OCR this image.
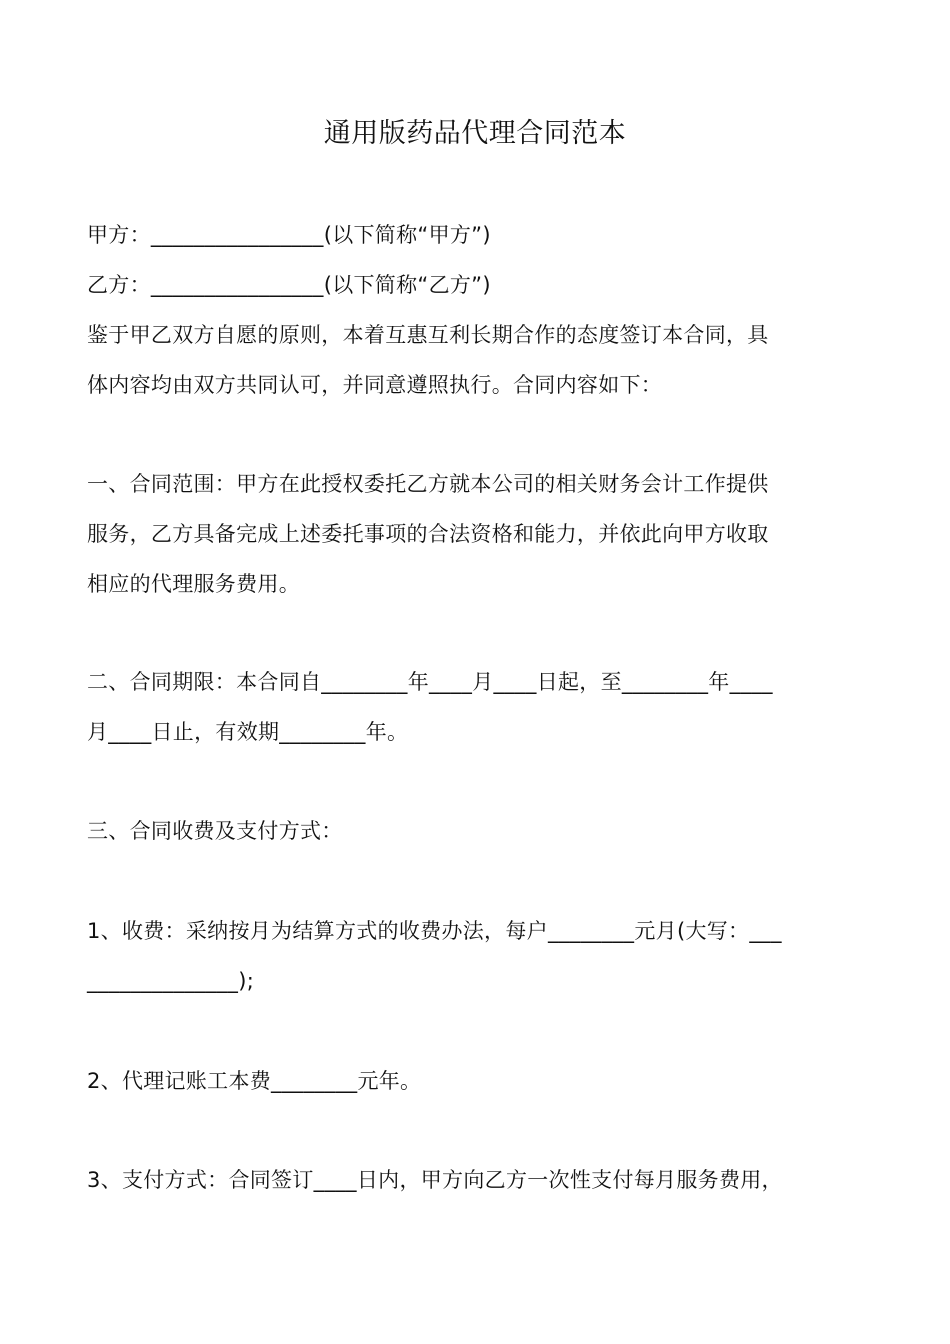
通用版药品代理合同范本
甲方：________________(以下简称“甲方”)
乙方：________________(以下简称“乙方”)
鉴于甲乙双方自愿的原则，本着互惠互利长期合作的态度签订本合同，具
体内容均由双方共同认可，并同意遵照执行。合同内容如下：
一、合同范围：甲方在此授权委托乙方就本公司的相关财务会计工作提供
服务，乙方具备完成上述委托事项的合法资格和能力，并依此向甲方收取
相应的代理服务费用。
二、合同期限：本合同自________年____月____日起，至________年____
月____日止，有效期________年。
三、合同收费及支付方式：
1、收费：采纳按月为结算方式的收费办法，每户________元月(大写：___
______________);
2、代理记账工本费________元年。
3、支付方式：合同签订____日内，甲方向乙方一次性支付每月服务费用，
